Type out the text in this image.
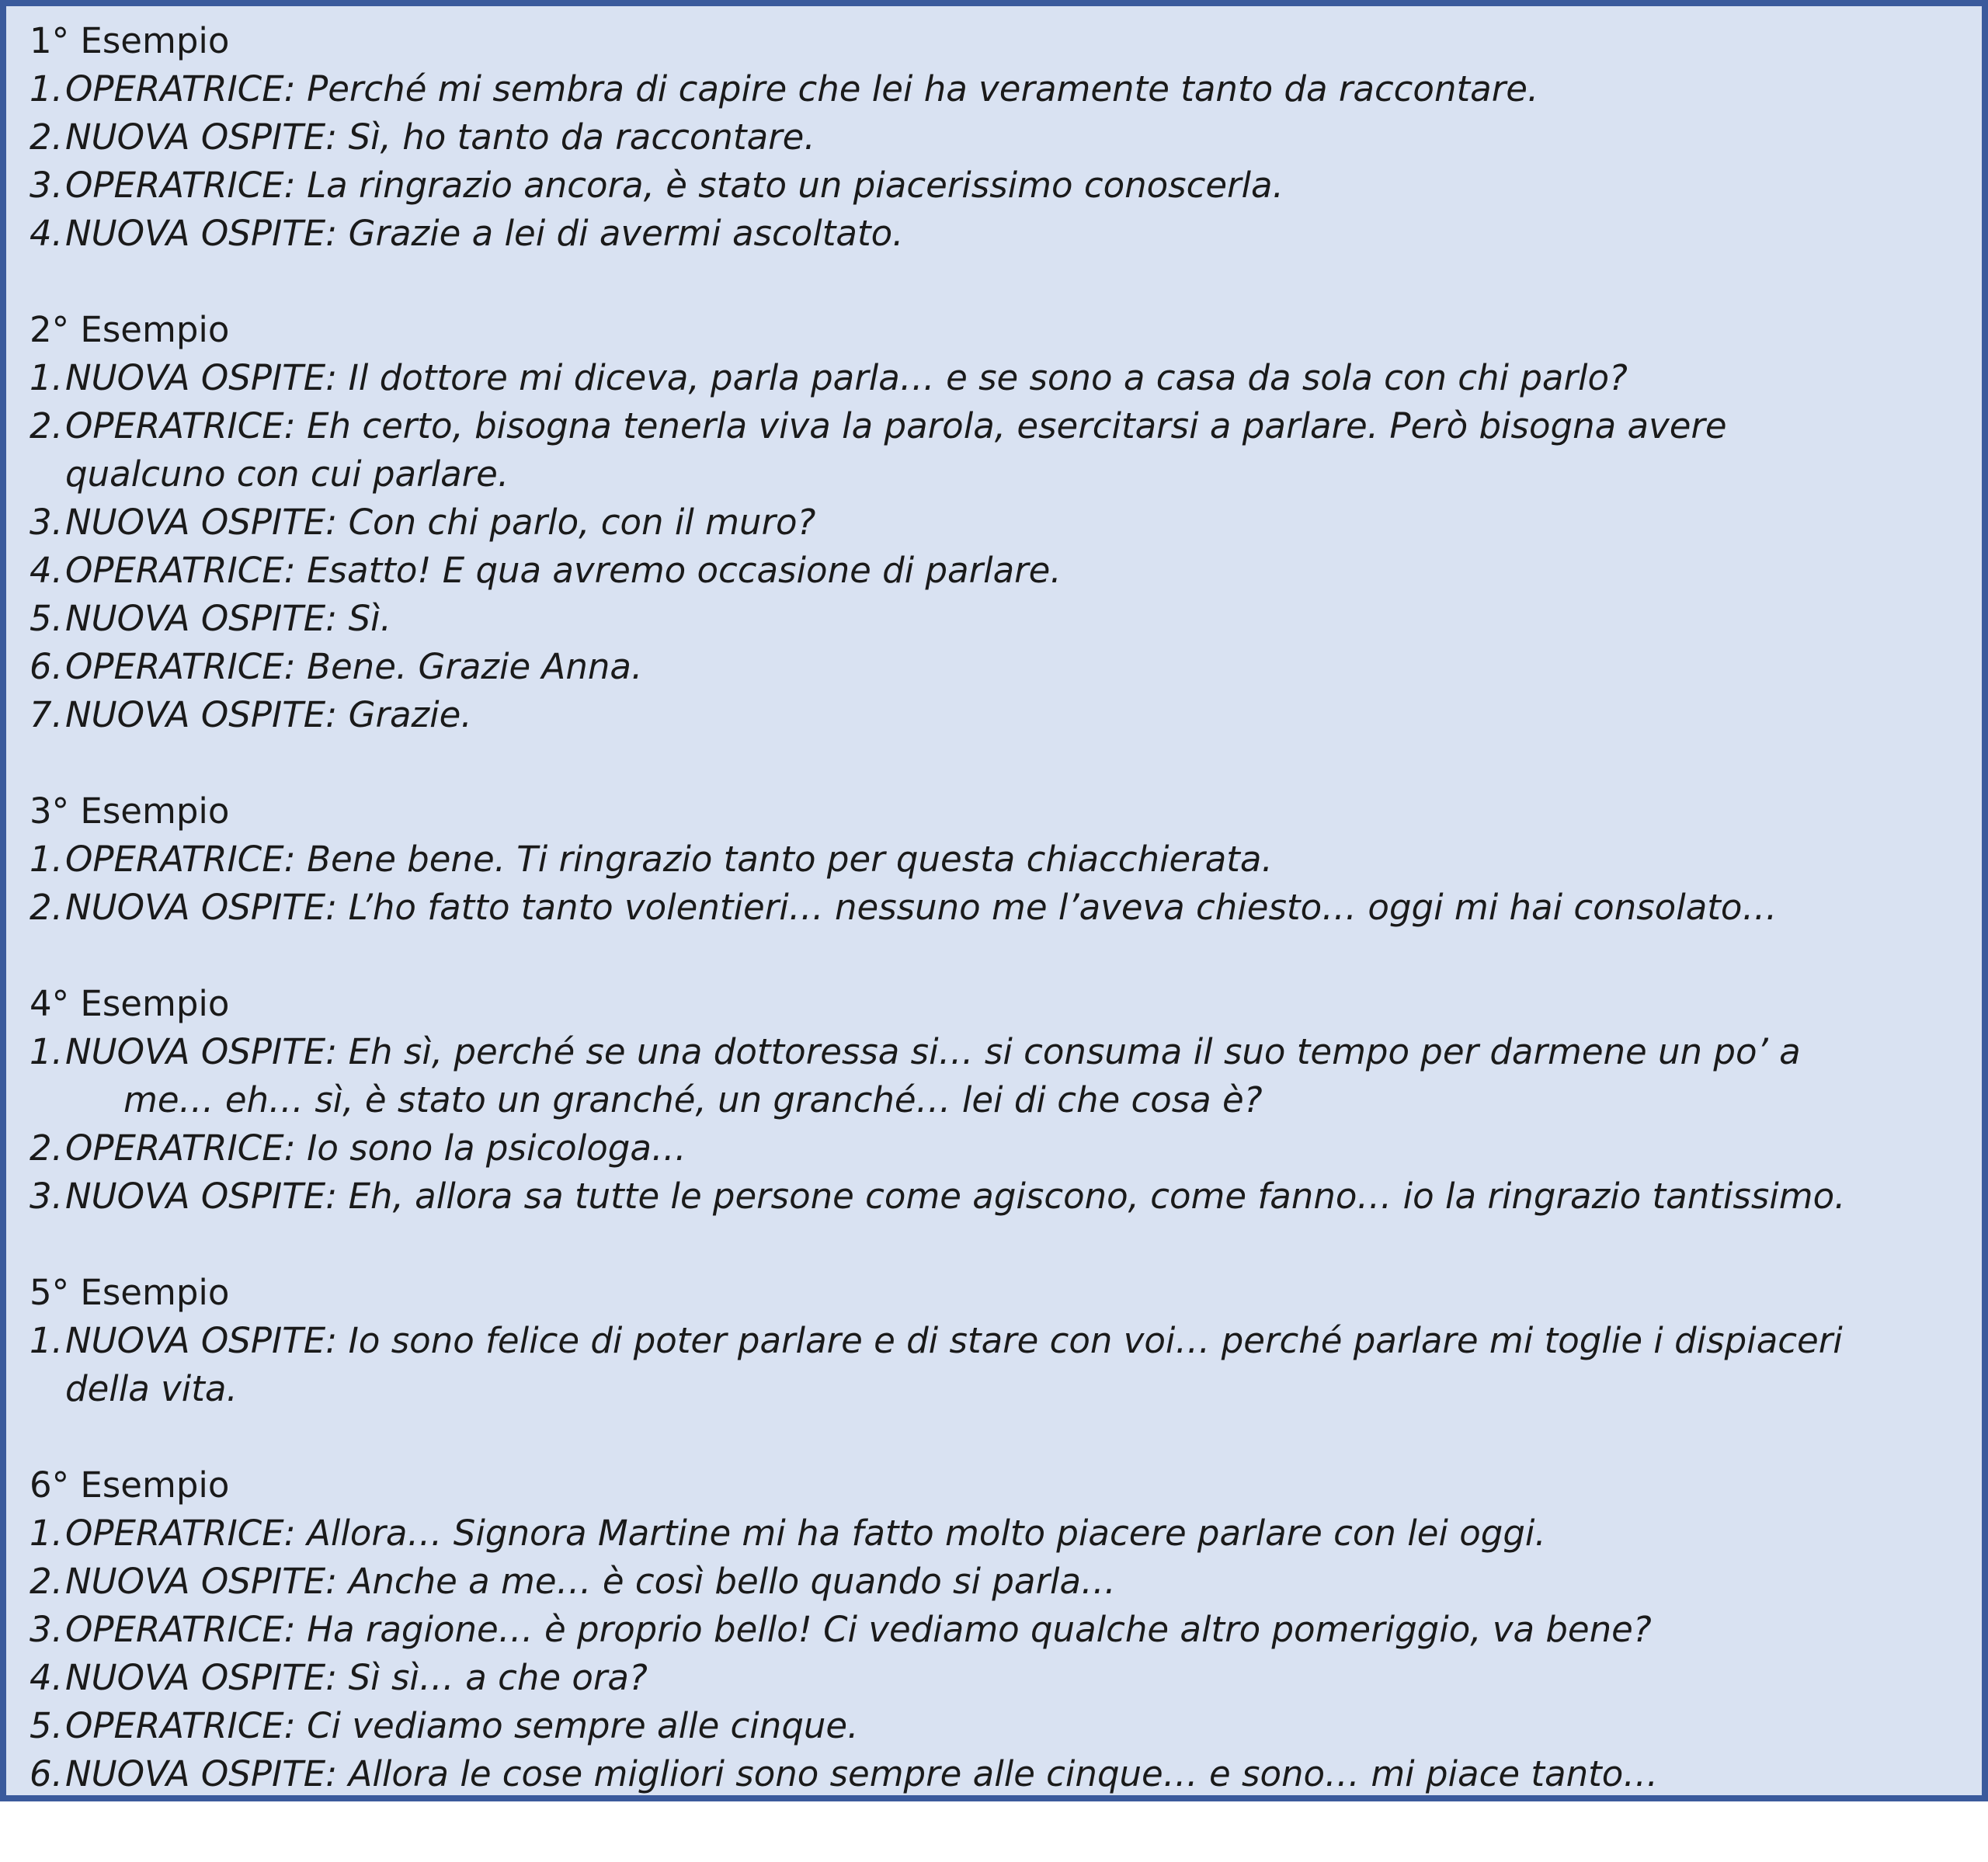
1° Esempio
1. OPERATRICE: Perché mi sembra di capire che lei ha veramente tanto da raccontare.
2. NUOVA OSPITE: Sì, ho tanto da raccontare.
3. OPERATRICE: La ringrazio ancora, è stato un piacerissimo conoscerla.
4. NUOVA OSPITE: Grazie a lei di avermi ascoltato.
2° Esempio
1. NUOVA OSPITE: Il dottore mi diceva, parla parla… e se sono a casa da sola con chi parlo?
2. OPERATRICE: Eh certo, bisogna tenerla viva la parola, esercitarsi a parlare. Però bisogna avere
qualcuno con cui parlare.
3. NUOVA OSPITE: Con chi parlo, con il muro?
4. OPERATRICE: Esatto! E qua avremo occasione di parlare.
5. NUOVA OSPITE: Sì.
6. OPERATRICE: Bene. Grazie Anna.
7. NUOVA OSPITE: Grazie.
3° Esempio
1. OPERATRICE: Bene bene. Ti ringrazio tanto per questa chiacchierata.
2. NUOVA OSPITE: L’ho fatto tanto volentieri… nessuno me l’aveva chiesto… oggi mi hai consolato…
4° Esempio
1. NUOVA OSPITE: Eh sì, perché se una dottoressa si… si consuma il suo tempo per darmene un po’ a
me… eh… sì, è stato un granché, un granché… lei di che cosa è?
2. OPERATRICE: Io sono la psicologa…
3. NUOVA OSPITE: Eh, allora sa tutte le persone come agiscono, come fanno… io la ringrazio tantissimo.
5° Esempio
1. NUOVA OSPITE: Io sono felice di poter parlare e di stare con voi… perché parlare mi toglie i dispiaceri
della vita.
6° Esempio
1. OPERATRICE: Allora… Signora Martine mi ha fatto molto piacere parlare con lei oggi.
2. NUOVA OSPITE: Anche a me… è così bello quando si parla…
3. OPERATRICE: Ha ragione… è proprio bello! Ci vediamo qualche altro pomeriggio, va bene?
4. NUOVA OSPITE: Sì sì… a che ora?
5. OPERATRICE: Ci vediamo sempre alle cinque.
6. NUOVA OSPITE: Allora le cose migliori sono sempre alle cinque… e sono… mi piace tanto…
